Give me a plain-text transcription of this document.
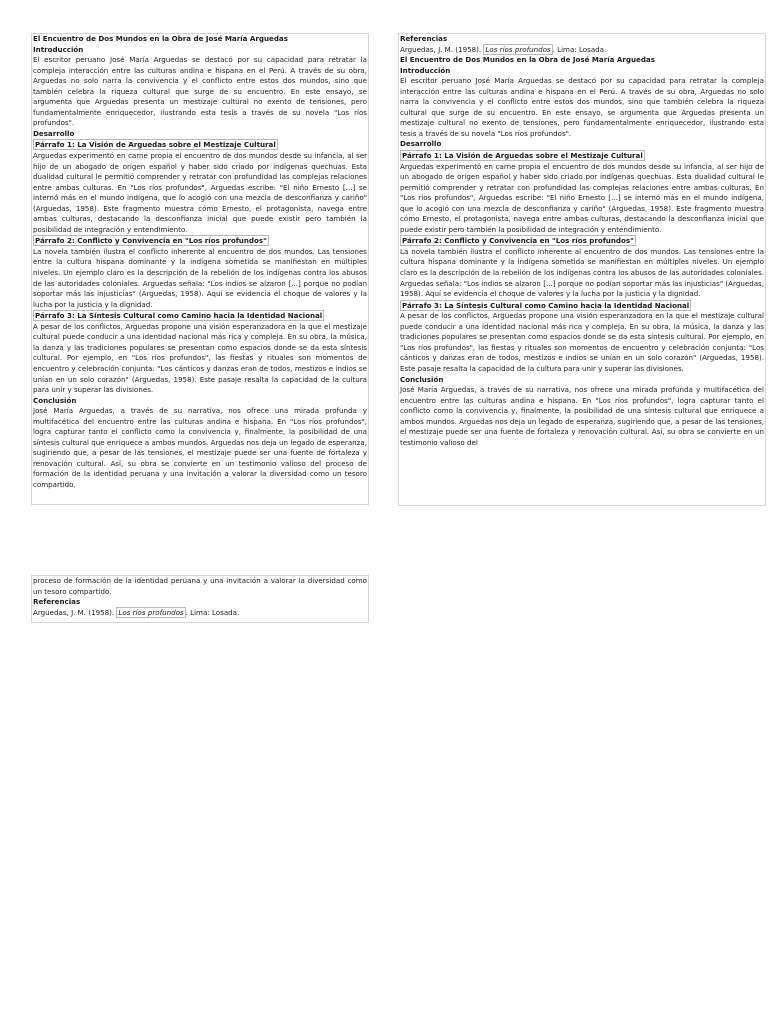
El Encuentro de Dos Mundos en la Obra de José María Arguedas

Introducción

El escritor peruano José María Arguedas se destacó por su capacidad para retratar la compleja interacción entre las culturas andina e hispana en el Perú. A través de su obra, Arguedas no solo narra la convivencia y el conflicto entre estos dos mundos, sino que también celebra la riqueza cultural que surge de su encuentro. En este ensayo, se argumenta que Arguedas presenta un mestizaje cultural no exento de tensiones, pero fundamentalmente enriquecedor, ilustrando esta tesis a través de su novela "Los ríos profundos".

Desarrollo

Párrafo 1: La Visión de Arguedas sobre el Mestizaje Cultural

Arguedas experimentó en carne propia el encuentro de dos mundos desde su infancia, al ser hijo de un abogado de origen español y haber sido criado por indígenas quechuas. Esta dualidad cultural le permitió comprender y retratar con profundidad las complejas relaciones entre ambas culturas. En "Los ríos profundos", Arguedas escribe: "El niño Ernesto [...] se internó más en el mundo indígena, que lo acogió con una mezcla de desconfianza y cariño" (Arguedas, 1958). Este fragmento muestra cómo Ernesto, el protagonista, navega entre ambas culturas, destacando la desconfianza inicial que puede existir pero también la posibilidad de integración y entendimiento.

Párrafo 2: Conflicto y Convivencia en "Los ríos profundos"

La novela también ilustra el conflicto inherente al encuentro de dos mundos. Las tensiones entre la cultura hispana dominante y la indígena sometida se manifiestan en múltiples niveles. Un ejemplo claro es la descripción de la rebelión de los indígenas contra los abusos de las autoridades coloniales. Arguedas señala: "Los indios se alzaron [...] porque no podían soportar más las injusticias" (Arguedas, 1958). Aquí se evidencia el choque de valores y la lucha por la justicia y la dignidad.

Párrafo 3: La Síntesis Cultural como Camino hacia la Identidad Nacional

A pesar de los conflictos, Arguedas propone una visión esperanzadora en la que el mestizaje cultural puede conducir a una identidad nacional más rica y compleja. En su obra, la música, la danza y las tradiciones populares se presentan como espacios donde se da esta síntesis cultural. Por ejemplo, en "Los ríos profundos", las fiestas y rituales son momentos de encuentro y celebración conjunta: "Los cánticos y danzas eran de todos, mestizos e indios se unían en un solo corazón" (Arguedas, 1958). Este pasaje resalta la capacidad de la cultura para unir y superar las divisiones.

Conclusión

José María Arguedas, a través de su narrativa, nos ofrece una mirada profunda y multifacética del encuentro entre las culturas andina e hispana. En "Los ríos profundos", logra capturar tanto el conflicto como la convivencia y, finalmente, la posibilidad de una síntesis cultural que enriquece a ambos mundos. Arguedas nos deja un legado de esperanza, sugiriendo que, a pesar de las tensiones, el mestizaje puede ser una fuente de fortaleza y renovación cultural. Así, su obra se convierte en un testimonio valioso del proceso de formación de la identidad peruana y una invitación a valorar la diversidad como un tesoro compartido.

Referencias

Arguedas, J. M. (1958). Los ríos profundos . Lima: Losada.

El Encuentro de Dos Mundos en la Obra de José María Arguedas

Introducción

El escritor peruano José María Arguedas se destacó por su capacidad para retratar la compleja interacción entre las culturas andina e hispana en el Perú. A través de su obra, Arguedas no solo narra la convivencia y el conflicto entre estos dos mundos, sino que también celebra la riqueza cultural que surge de su encuentro. En este ensayo, se argumenta que Arguedas presenta un mestizaje cultural no exento de tensiones, pero fundamentalmente enriquecedor, ilustrando esta tesis a través de su novela "Los ríos profundos".

Desarrollo

Párrafo 1: La Visión de Arguedas sobre el Mestizaje Cultural

Arguedas experimentó en carne propia el encuentro de dos mundos desde su infancia, al ser hijo de un abogado de origen español y haber sido criado por indígenas quechuas. Esta dualidad cultural le permitió comprender y retratar con profundidad las complejas relaciones entre ambas culturas. En "Los ríos profundos", Arguedas escribe: "El niño Ernesto [...] se internó más en el mundo indígena, que lo acogió con una mezcla de desconfianza y cariño" (Arguedas, 1958). Este fragmento muestra cómo Ernesto, el protagonista, navega entre ambas culturas, destacando la desconfianza inicial que puede existir pero también la posibilidad de integración y entendimiento.

Párrafo 2: Conflicto y Convivencia en "Los ríos profundos"

La novela también ilustra el conflicto inherente al encuentro de dos mundos. Las tensiones entre la cultura hispana dominante y la indígena sometida se manifiestan en múltiples niveles. Un ejemplo claro es la descripción de la rebelión de los indígenas contra los abusos de las autoridades coloniales. Arguedas señala: "Los indios se alzaron [...] porque no podían soportar más las injusticias" (Arguedas, 1958). Aquí se evidencia el choque de valores y la lucha por la justicia y la dignidad.

Párrafo 3: La Síntesis Cultural como Camino hacia la Identidad Nacional

A pesar de los conflictos, Arguedas propone una visión esperanzadora en la que el mestizaje cultural puede conducir a una identidad nacional más rica y compleja. En su obra, la música, la danza y las tradiciones populares se presentan como espacios donde se da esta síntesis cultural. Por ejemplo, en "Los ríos profundos", las fiestas y rituales son momentos de encuentro y celebración conjunta: "Los cánticos y danzas eran de todos, mestizos e indios se unían en un solo corazón" (Arguedas, 1958). Este pasaje resalta la capacidad de la cultura para unir y superar las divisiones.

Conclusión

José María Arguedas, a través de su narrativa, nos ofrece una mirada profunda y multifacética del encuentro entre las culturas andina e hispana. En "Los ríos profundos", logra capturar tanto el conflicto como la convivencia y, finalmente, la posibilidad de una síntesis cultural que enriquece a ambos mundos. Arguedas nos deja un legado de esperanza, sugiriendo que, a pesar de las tensiones, el mestizaje puede ser una fuente de fortaleza y renovación cultural. Así, su obra se convierte en un testimonio valioso del

proceso de formación de la identidad peruana y una invitación a valorar la diversidad como un tesoro compartido.

Referencias

Arguedas, J. M. (1958). Los ríos profundos . Lima: Losada.
